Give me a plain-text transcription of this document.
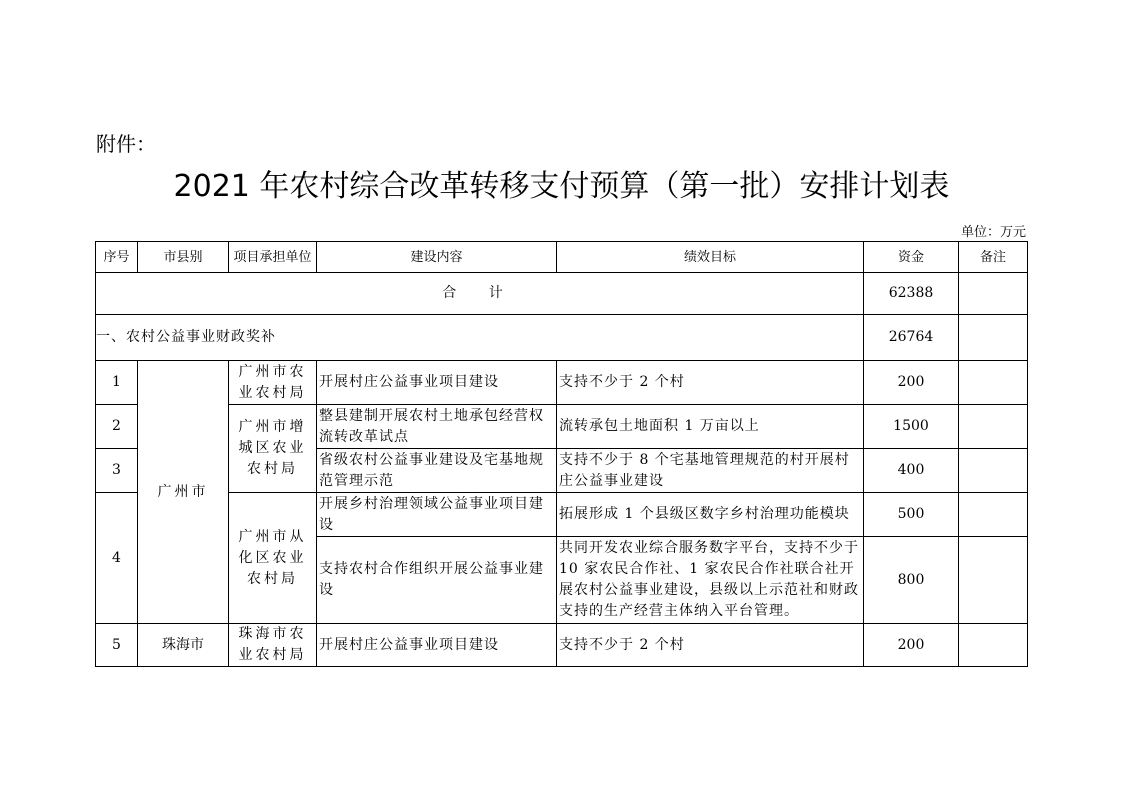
附件：
2021 年农村综合改革转移支付预算（第一批）安排计划表
单位：万元
序号	市县别	项目承担单位	建设内容	绩效目标	资金	备注
合 计					62388	
一、农村公益事业财政奖补					26764	
1	广州市	广州市农业农村局	开展村庄公益事业项目建设	支持不少于 2 个村	200	
2		广州市增城区农业农村局	整县建制开展农村土地承包经营权流转改革试点	流转承包土地面积 1 万亩以上	1500	
3			省级农村公益事业建设及宅基地规范管理示范	支持不少于 8 个宅基地管理规范的村开展村庄公益事业建设	400	
4		广州市从化区农业农村局	开展乡村治理领域公益事业项目建设	拓展形成 1 个县级区数字乡村治理功能模块	500	
			支持农村合作组织开展公益事业建设	共同开发农业综合服务数字平台，支持不少于 10 家农民合作社、1 家农民合作社联合社开展农村公益事业建设，县级以上示范社和财政支持的生产经营主体纳入平台管理。	800	
5	珠海市	珠海市农业农村局	开展村庄公益事业项目建设	支持不少于 2 个村	200	
